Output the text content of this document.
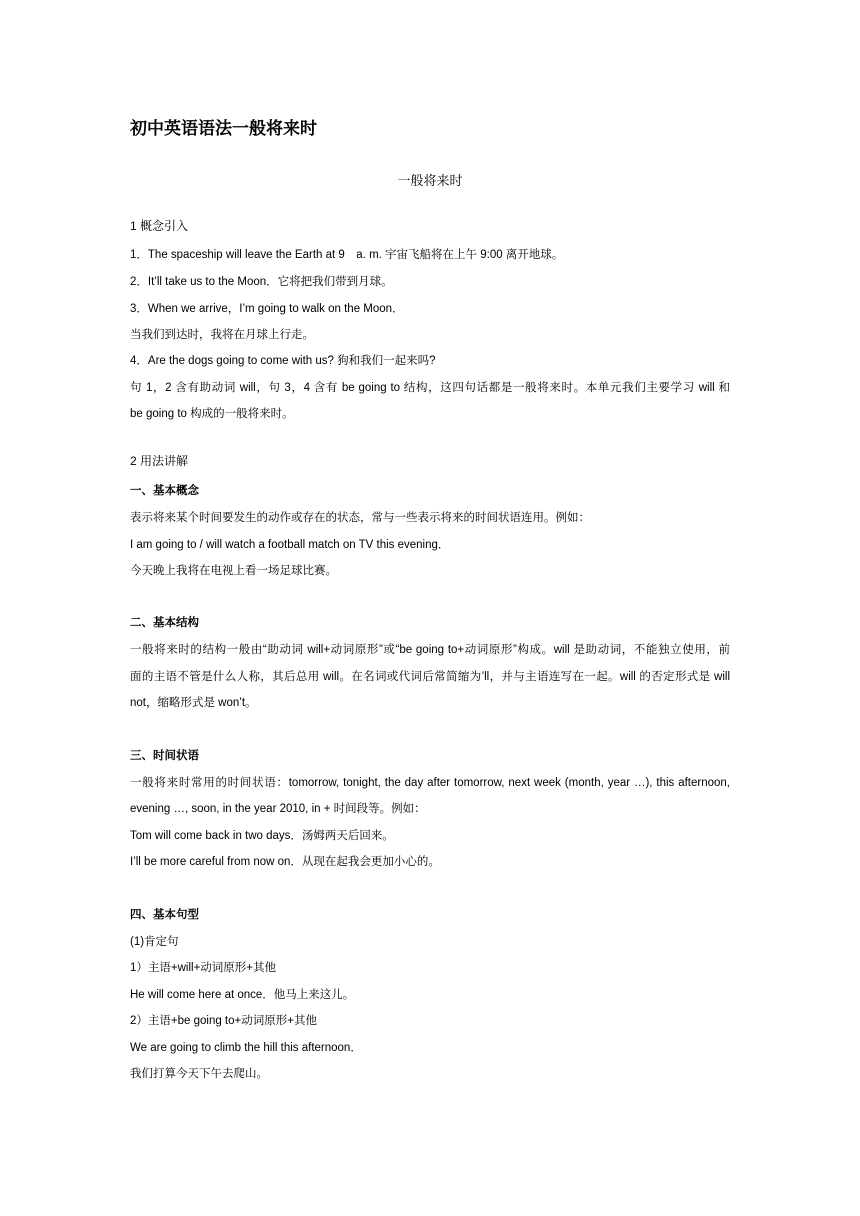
初中英语语法一般将来时
一般将来时
1 概念引入
1．The spaceship will leave the Earth at 9　a. m. 宇宙飞船将在上午 9:00 离开地球。
2．It’ll take us to the Moon．它将把我们带到月球。
3．When we arrive，I’m going to walk on the Moon．
当我们到达时，我将在月球上行走。
4．Are the dogs going to come with us? 狗和我们一起来吗?
句 1，2 含有助动词 will，句 3，4 含有 be going to 结构，这四句话都是一般将来时。本单元我们主要学习 will 和
be going to 构成的一般将来时。
2 用法讲解
一、基本概念
表示将来某个时间要发生的动作或存在的状态，常与一些表示将来的时间状语连用。例如：
I am going to / will watch a football match on TV this evening．
今天晚上我将在电视上看一场足球比赛。
二、基本结构
一般将来时的结构一般由“助动词 will+动词原形”或“be going to+动词原形”构成。will 是助动词，不能独立使用，前
面的主语不管是什么人称，其后总用 will。在名词或代词后常简缩为’ll，并与主语连写在一起。will 的否定形式是 will
not，缩略形式是 won’t。
三、时间状语
一般将来时常用的时间状语：tomorrow, tonight, the day after tomorrow, next week (month, year …), this afternoon,
evening …, soon, in the year 2010, in + 时间段等。例如：
Tom will come back in two days．汤姆两天后回来。
I’ll be more careful from now on．从现在起我会更加小心的。
四、基本句型
(1)肯定句
1）主语+will+动词原形+其他
He will come here at once．他马上来这儿。
2）主语+be going to+动词原形+其他
We are going to climb the hill this afternoon．
我们打算今天下午去爬山。
